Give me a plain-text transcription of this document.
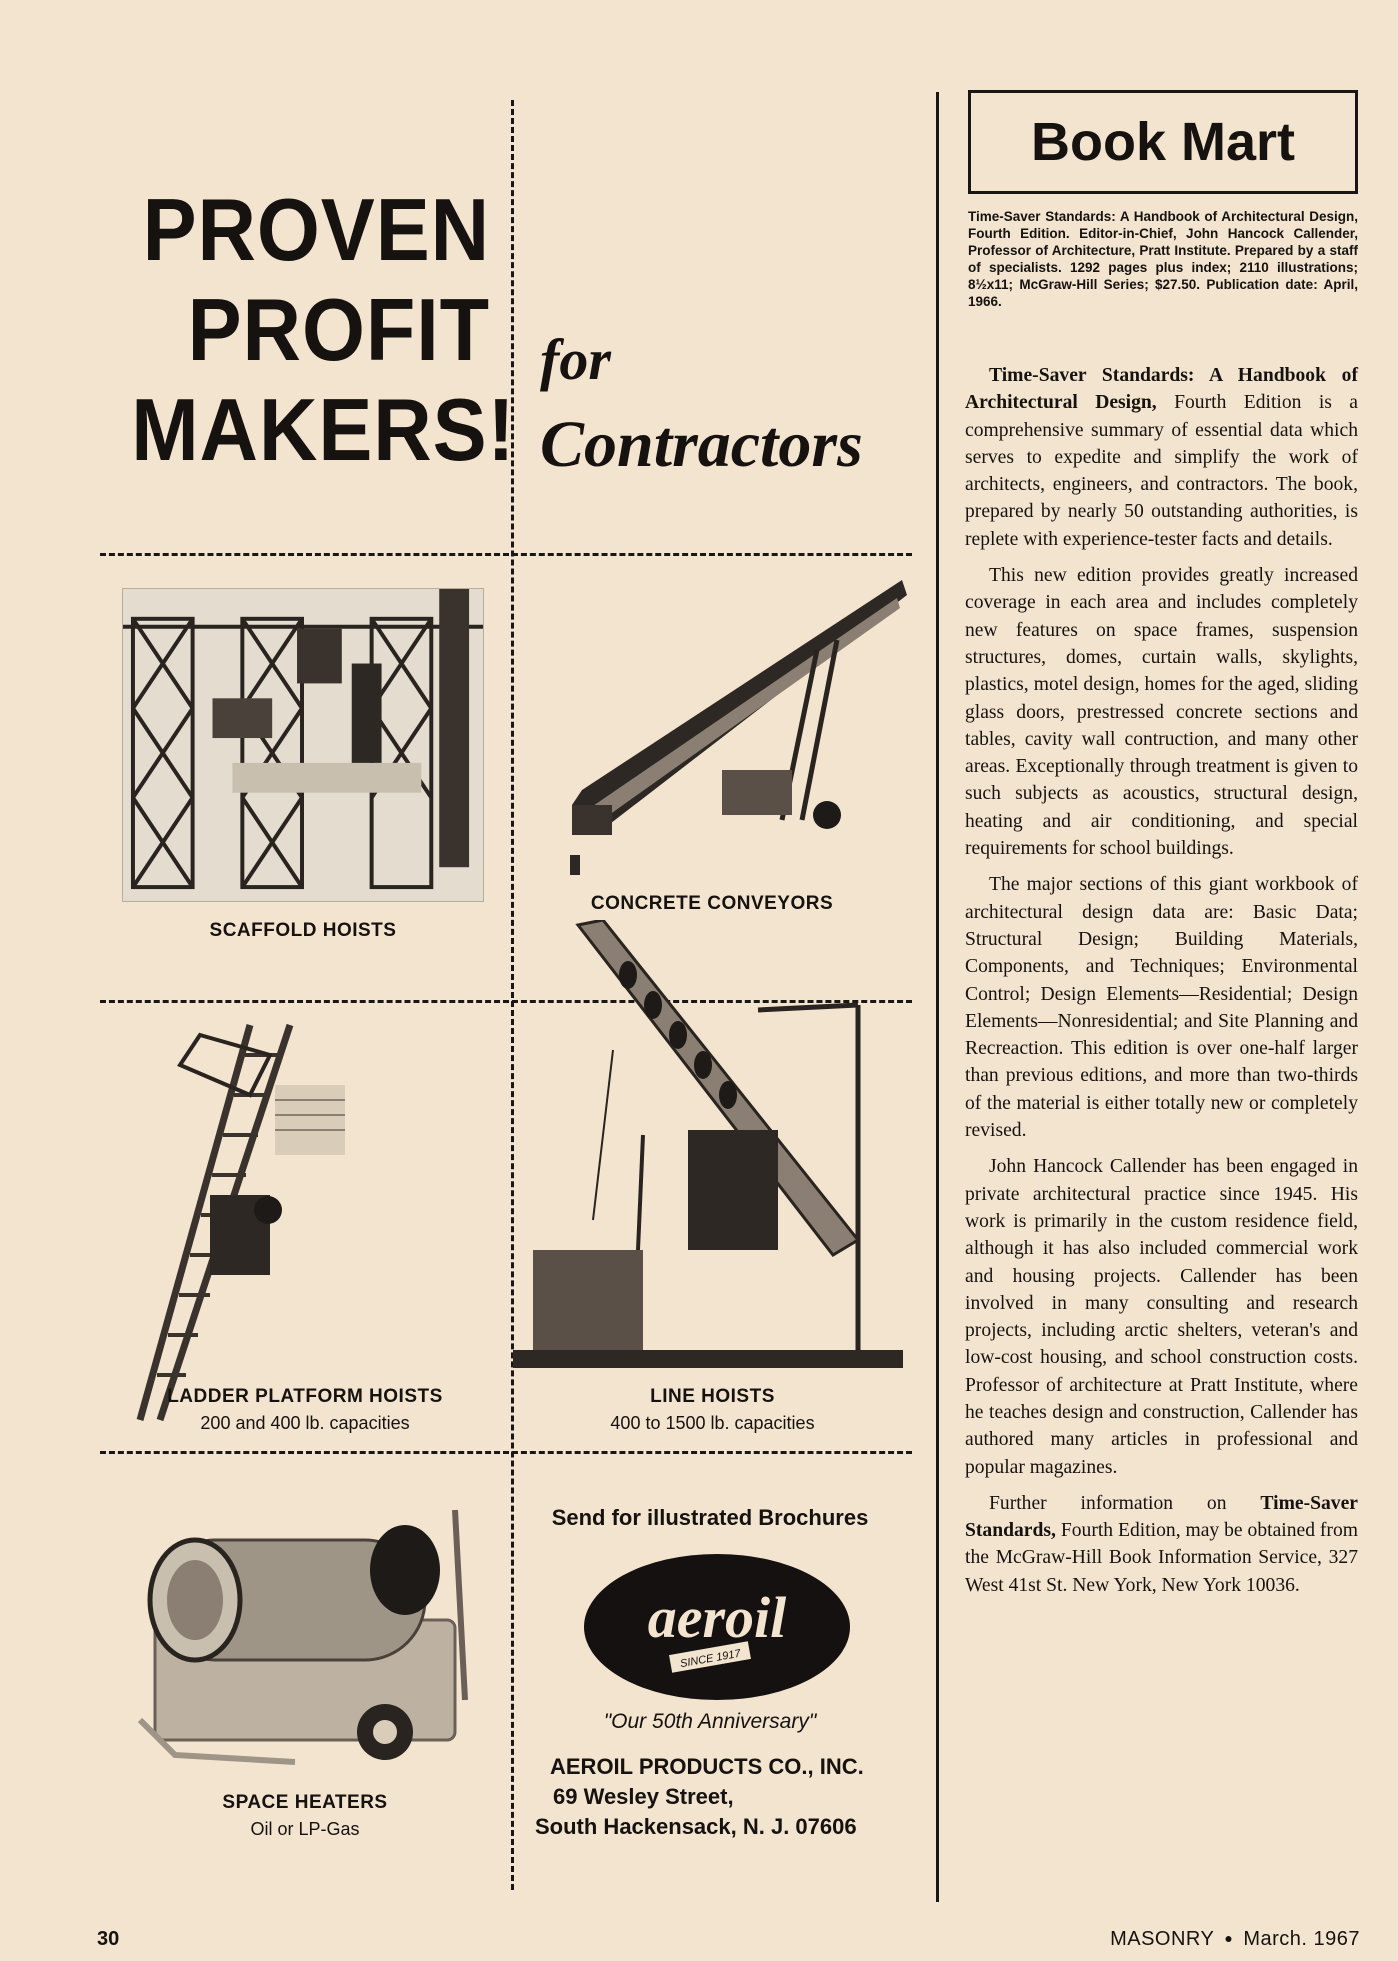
PROVEN
PROFIT
MAKERS!
for
Contractors
SCAFFOLD HOISTS
CONCRETE CONVEYORS
LADDER PLATFORM HOISTS
200 and 400 lb. capacities
LINE HOISTS
400 to 1500 lb. capacities
SPACE HEATERS
Oil or LP-Gas
Send for illustrated Brochures
aeroil
SINCE 1917
"Our 50th Anniversary"
AEROIL PRODUCTS CO., INC.
69 Wesley Street,
South Hackensack, N. J. 07606
Book Mart
Time-Saver Standards: A Handbook of Architectural Design, Fourth Edition. Editor-in-Chief, John Hancock Callender, Professor of Architecture, Pratt Institute. Prepared by a staff of specialists. 1292 pages plus index; 2110 illustrations; 8½x11; McGraw-Hill Series; $27.50. Publication date: April, 1966.

Time-Saver Standards: A Handbook of Architectural Design, Fourth Edition is a comprehensive summary of essential data which serves to expedite and simplify the work of architects, engineers, and contractors. The book, prepared by nearly 50 outstanding authorities, is replete with experience-tester facts and details.

This new edition provides greatly increased coverage in each area and includes completely new features on space frames, suspension structures, domes, curtain walls, skylights, plastics, motel design, homes for the aged, sliding glass doors, prestressed concrete sections and tables, cavity wall contruction, and many other areas. Exceptionally through treatment is given to such subjects as acoustics, structural design, heating and air conditioning, and special requirements for school buildings.

The major sections of this giant workbook of architectural design data are: Basic Data; Structural Design; Building Materials, Components, and Techniques; Environmental Control; Design Elements—Residential; Design Elements—Nonresidential; and Site Planning and Recreaction. This edition is over one-half larger than previous editions, and more than two-thirds of the material is either totally new or completely revised.

John Hancock Callender has been engaged in private architectural practice since 1945. His work is primarily in the custom residence field, although it has also included commercial work and housing projects. Callender has been involved in many consulting and research projects, including arctic shelters, veteran's and low-cost housing, and school construction costs. Professor of architecture at Pratt Institute, where he teaches design and construction, Callender has authored many articles in professional and popular magazines.

Further information on Time-Saver Standards, Fourth Edition, may be obtained from the McGraw-Hill Book Information Service, 327 West 41st St. New York, New York 10036.

30	MASONRY ● March. 1967
